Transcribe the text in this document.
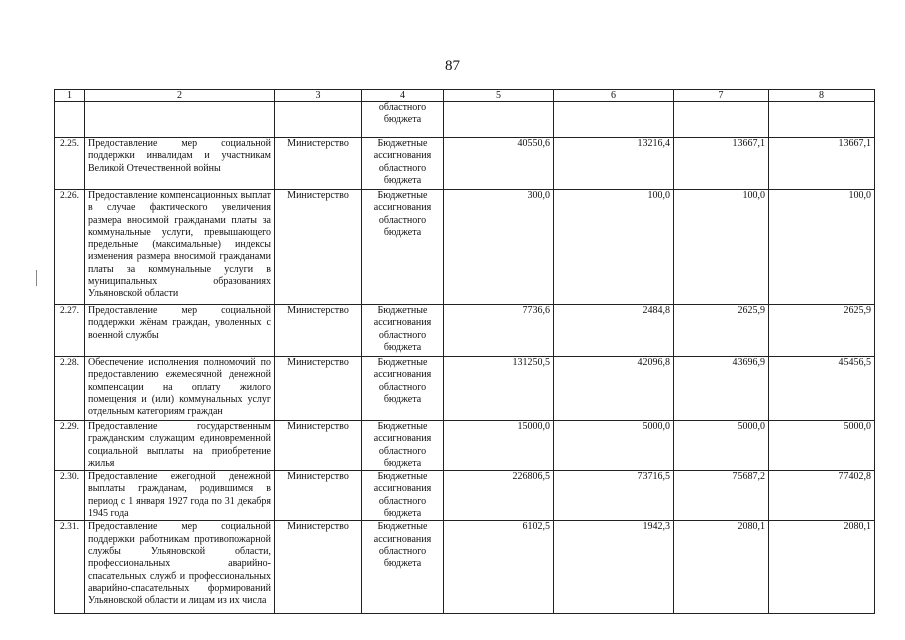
87
1	2	3	4	5	6	7	8
			областного бюджета				
2.25.	Предоставление мер социальной поддержки инвалидам и участникам Великой Отечественной войны	Министерство	Бюджетные ассигнования областного бюджета	40550,6	13216,4	13667,1	13667,1
2.26.	Предоставление компенсационных выплат в случае фактического увеличения размера вносимой гражданами платы за коммунальные услуги, превышающего предельные (максимальные) индексы изменения размера вносимой гражданами платы за коммунальные услуги в муниципальных образованиях Ульяновской области	Министерство	Бюджетные ассигнования областного бюджета	300,0	100,0	100,0	100,0
2.27.	Предоставление мер социальной поддержки жёнам граждан, уволенных с военной службы	Министерство	Бюджетные ассигнования областного бюджета	7736,6	2484,8	2625,9	2625,9
2.28.	Обеспечение исполнения полномочий по предоставлению ежемесячной денежной компенсации на оплату жилого помещения и (или) коммунальных услуг отдельным категориям граждан	Министерство	Бюджетные ассигнования областного бюджета	131250,5	42096,8	43696,9	45456,5
2.29.	Предоставление государственным гражданским служащим единовременной социальной выплаты на приобретение жилья	Министерство	Бюджетные ассигнования областного бюджета	15000,0	5000,0	5000,0	5000,0
2.30.	Предоставление ежегодной денежной выплаты гражданам, родившимся в период с 1 января 1927 года по 31 декабря 1945 года	Министерство	Бюджетные ассигнования областного бюджета	226806,5	73716,5	75687,2	77402,8
2.31.	Предоставление мер социальной поддержки работникам противопожарной службы Ульяновской области, профессиональных аварийно-спасательных служб и профессиональных аварийно-спасательных формирований Ульяновской области и лицам из их числа	Министерство	Бюджетные ассигнования областного бюджета	6102,5	1942,3	2080,1	2080,1
